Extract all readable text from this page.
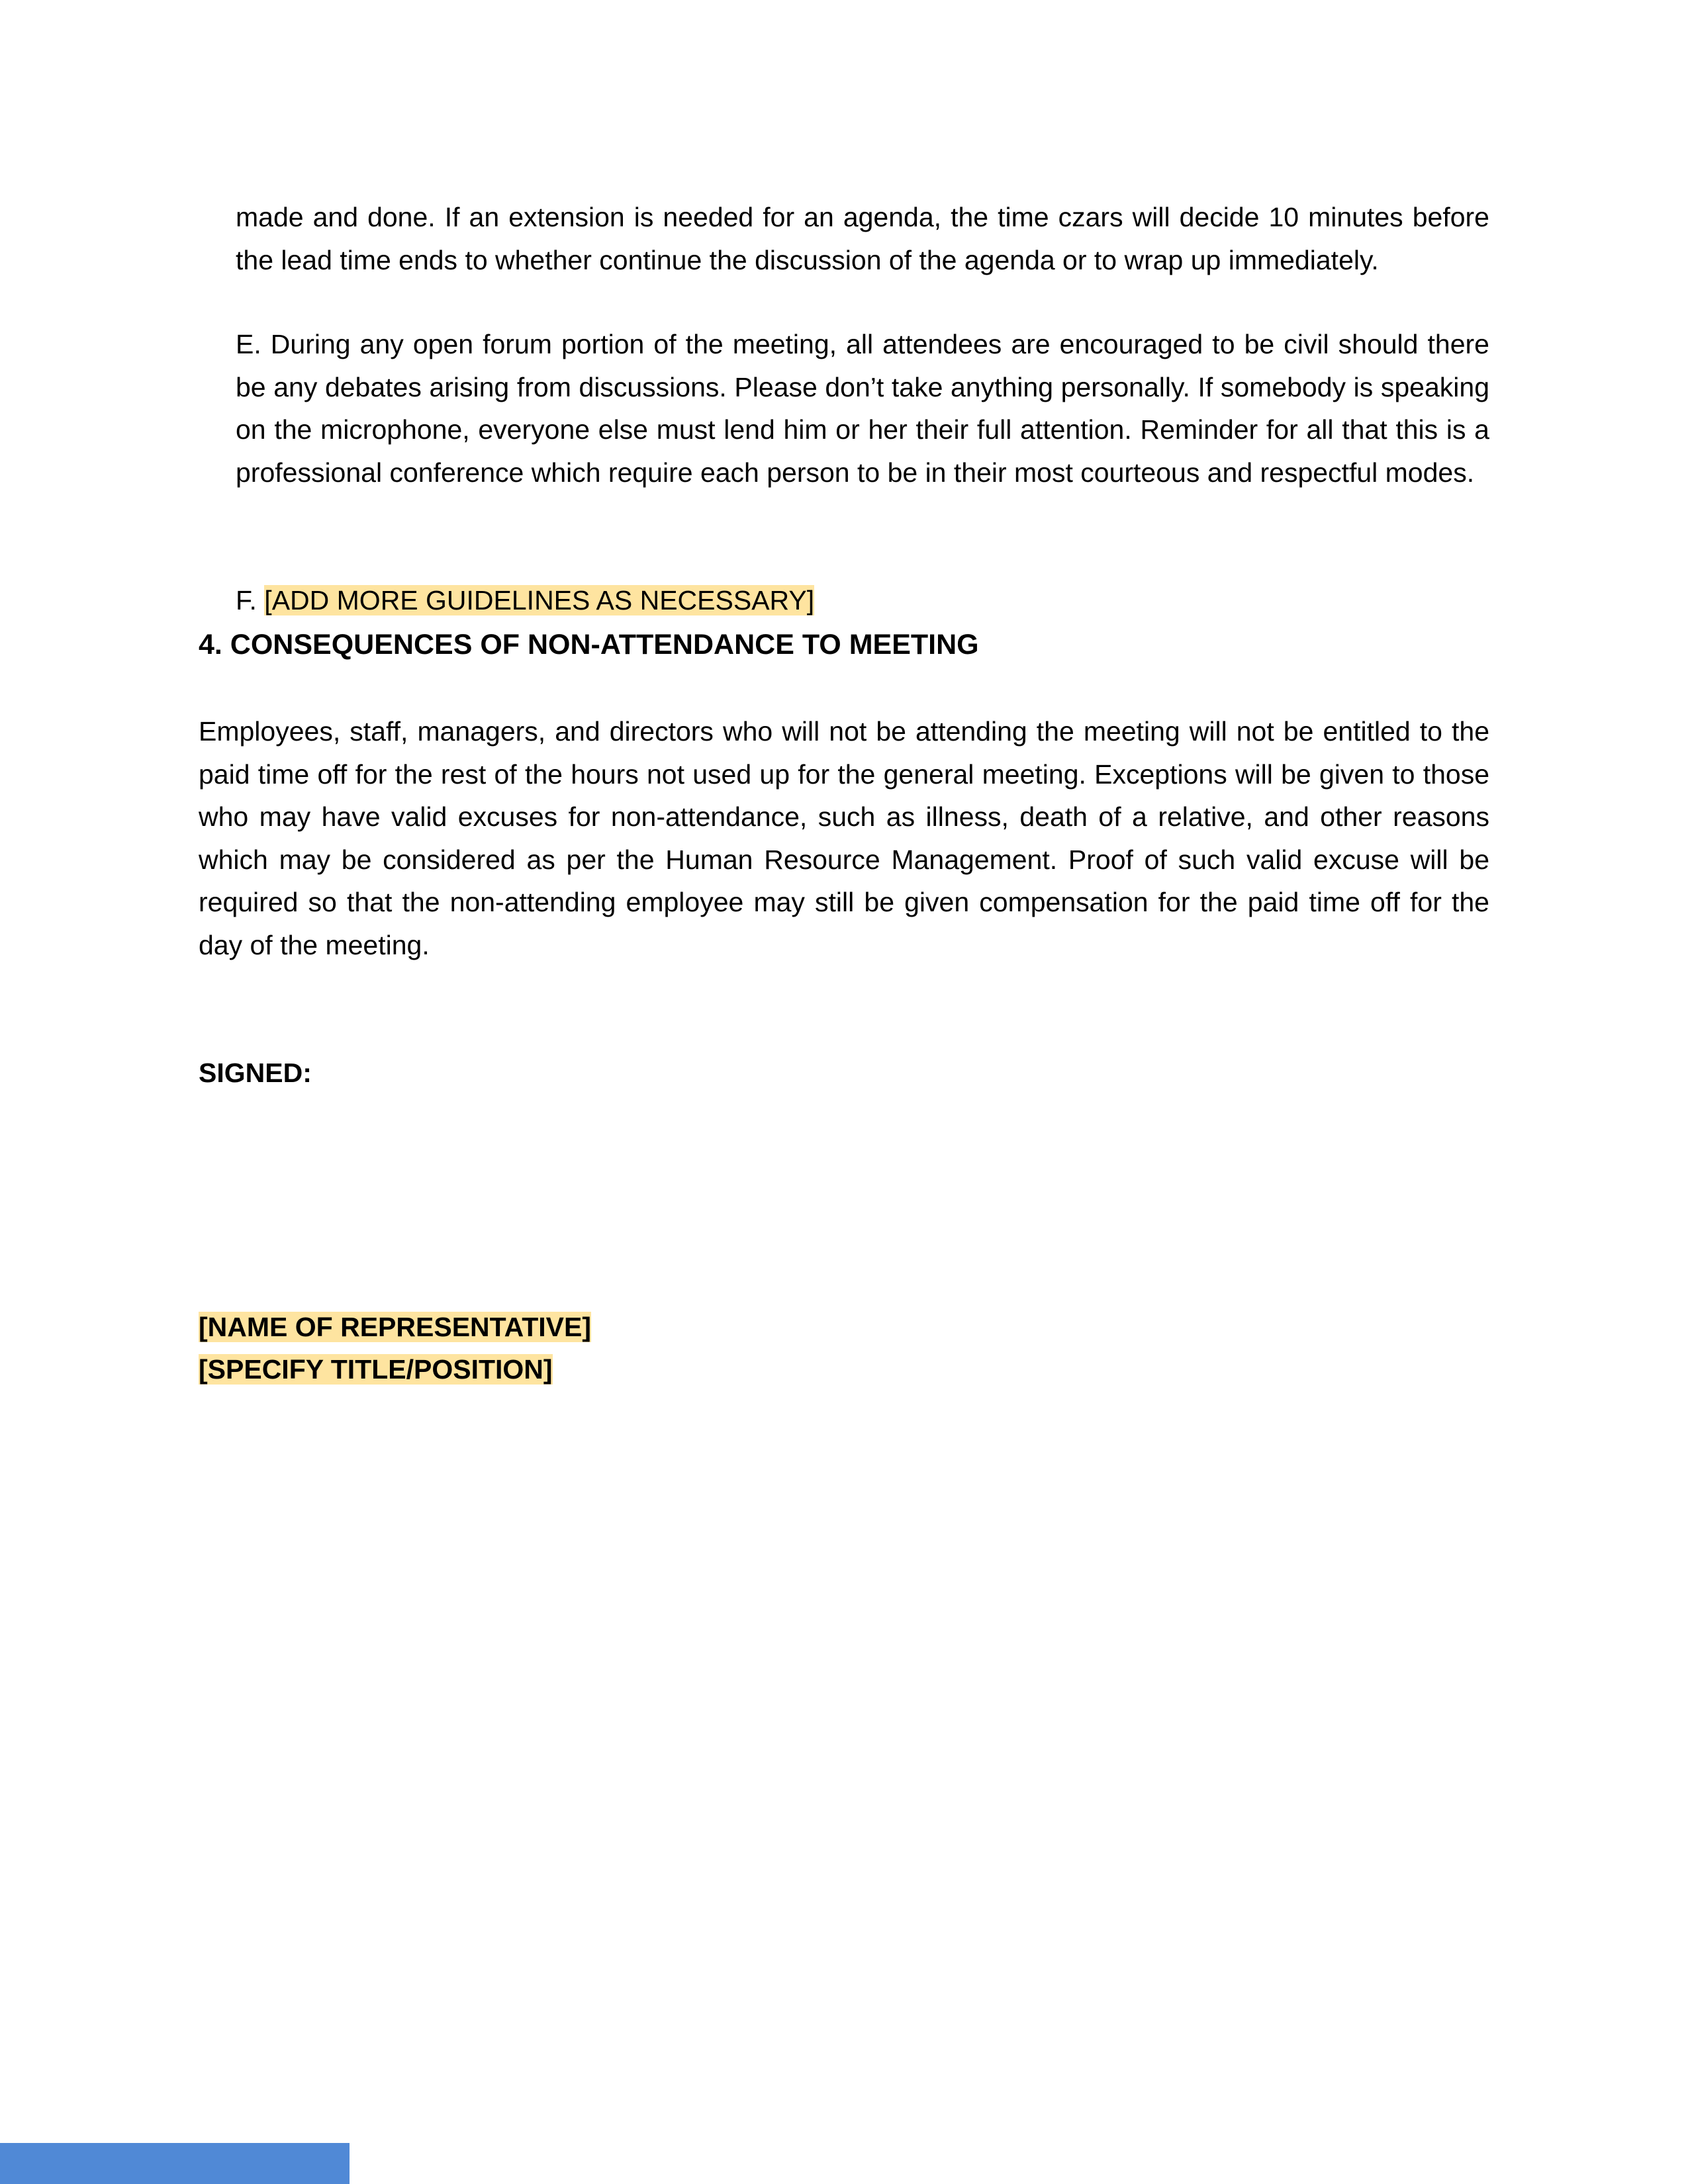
made and done. If an extension is needed for an agenda, the time czars will decide 10 minutes before the lead time ends to whether continue the discussion of the agenda or to wrap up immediately.

E. During any open forum portion of the meeting, all attendees are encouraged to be civil should there be any debates arising from discussions. Please don’t take anything personally. If somebody is speaking on the microphone, everyone else must lend him or her their full attention. Reminder for all that this is a professional conference which require each person to be in their most courteous and respectful modes.

F. [ADD MORE GUIDELINES AS NECESSARY]

4. CONSEQUENCES OF NON-ATTENDANCE TO MEETING

Employees, staff, managers, and directors who will not be attending the meeting will not be entitled to the paid time off for the rest of the hours not used up for the general meeting. Exceptions will be given to those who may have valid excuses for non-attendance, such as illness, death of a relative, and other reasons which may be considered as per the Human Resource Management. Proof of such valid excuse will be required so that the non-attending employee may still be given compensation for the paid time off for the day of the meeting.

SIGNED:

[NAME OF REPRESENTATIVE]

[SPECIFY TITLE/POSITION]
